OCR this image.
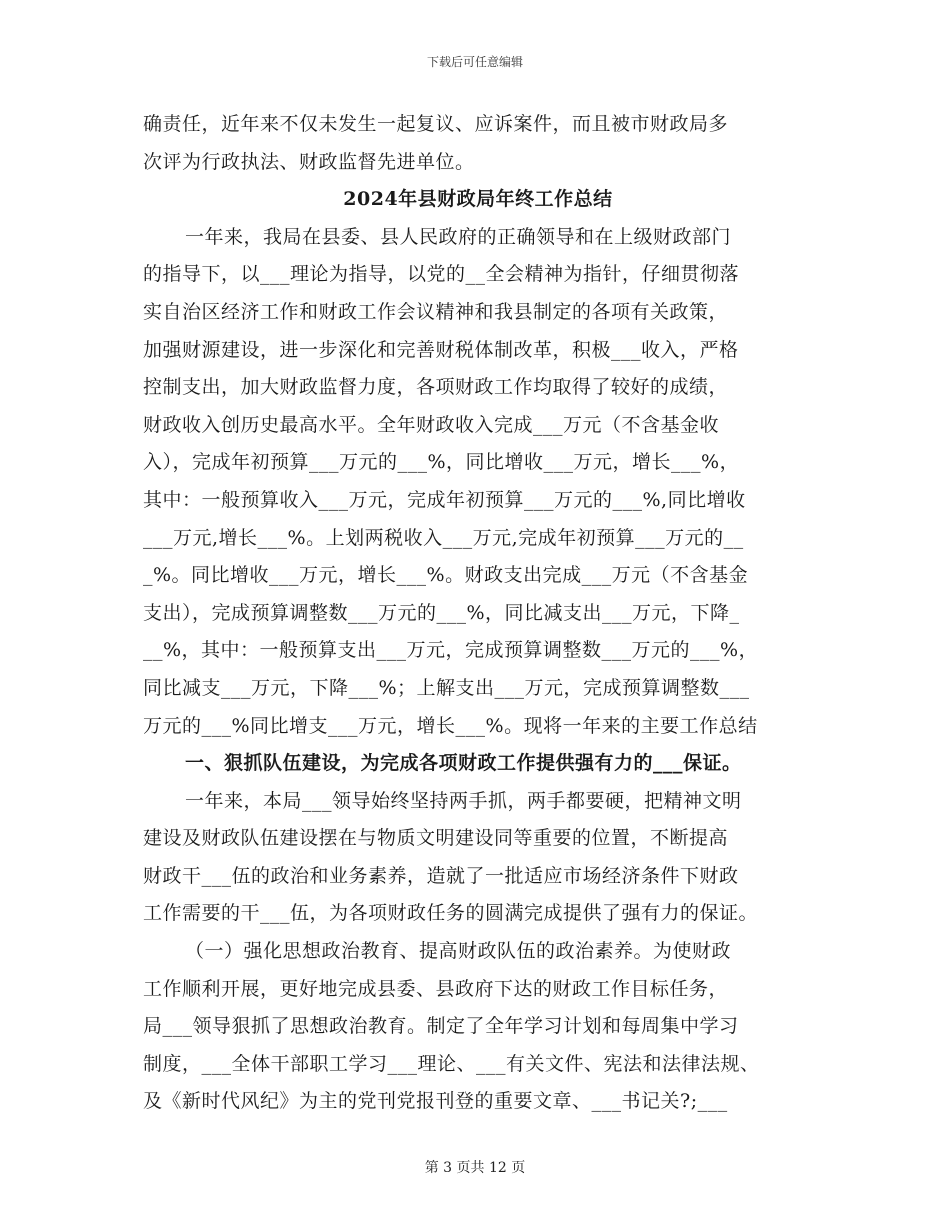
下载后可任意编辑
确责任，近年来不仅未发生一起复议、应诉案件，而且被市财政局多
次评为行政执法、财政监督先进单位。
2024年县财政局年终工作总结
一年来，我局在县委、县人民政府的正确领导和在上级财政部门
的指导下，以___理论为指导，以党的__全会精神为指针，仔细贯彻落
实自治区经济工作和财政工作会议精神和我县制定的各项有关政策，
加强财源建设，进一步深化和完善财税体制改革，积极___收入，严格
控制支出，加大财政监督力度，各项财政工作均取得了较好的成绩，
财政收入创历史最高水平。全年财政收入完成___万元（不含基金收
入），完成年初预算___万元的___%，同比增收___万元，增长___%，
其中：一般预算收入___万元，完成年初预算___万元的___%,同比增收
___万元,增长___%。上划两税收入___万元,完成年初预算___万元的__
_%。同比增收___万元，增长___%。财政支出完成___万元（不含基金
支出），完成预算调整数___万元的___%，同比减支出___万元，下降_
__%，其中：一般预算支出___万元，完成预算调整数___万元的___%，
同比减支___万元，下降___%；上解支出___万元，完成预算调整数___
万元的___%同比增支___万元，增长___%。现将一年来的主要工作总结
一、狠抓队伍建设，为完成各项财政工作提供强有力的___保证。
一年来，本局___领导始终坚持两手抓，两手都要硬，把精神文明
建设及财政队伍建设摆在与物质文明建设同等重要的位置，不断提高
财政干___伍的政治和业务素养，造就了一批适应市场经济条件下财政
工作需要的干___伍，为各项财政任务的圆满完成提供了强有力的保证。
（一）强化思想政治教育、提高财政队伍的政治素养。为使财政
工作顺利开展，更好地完成县委、县政府下达的财政工作目标任务，
局___领导狠抓了思想政治教育。制定了全年学习计划和每周集中学习
制度，___全体干部职工学习___理论、___有关文件、宪法和法律法规、
及《新时代风纪》为主的党刊党报刊登的重要文章、___书记关?;___
第 3 页共 12 页
